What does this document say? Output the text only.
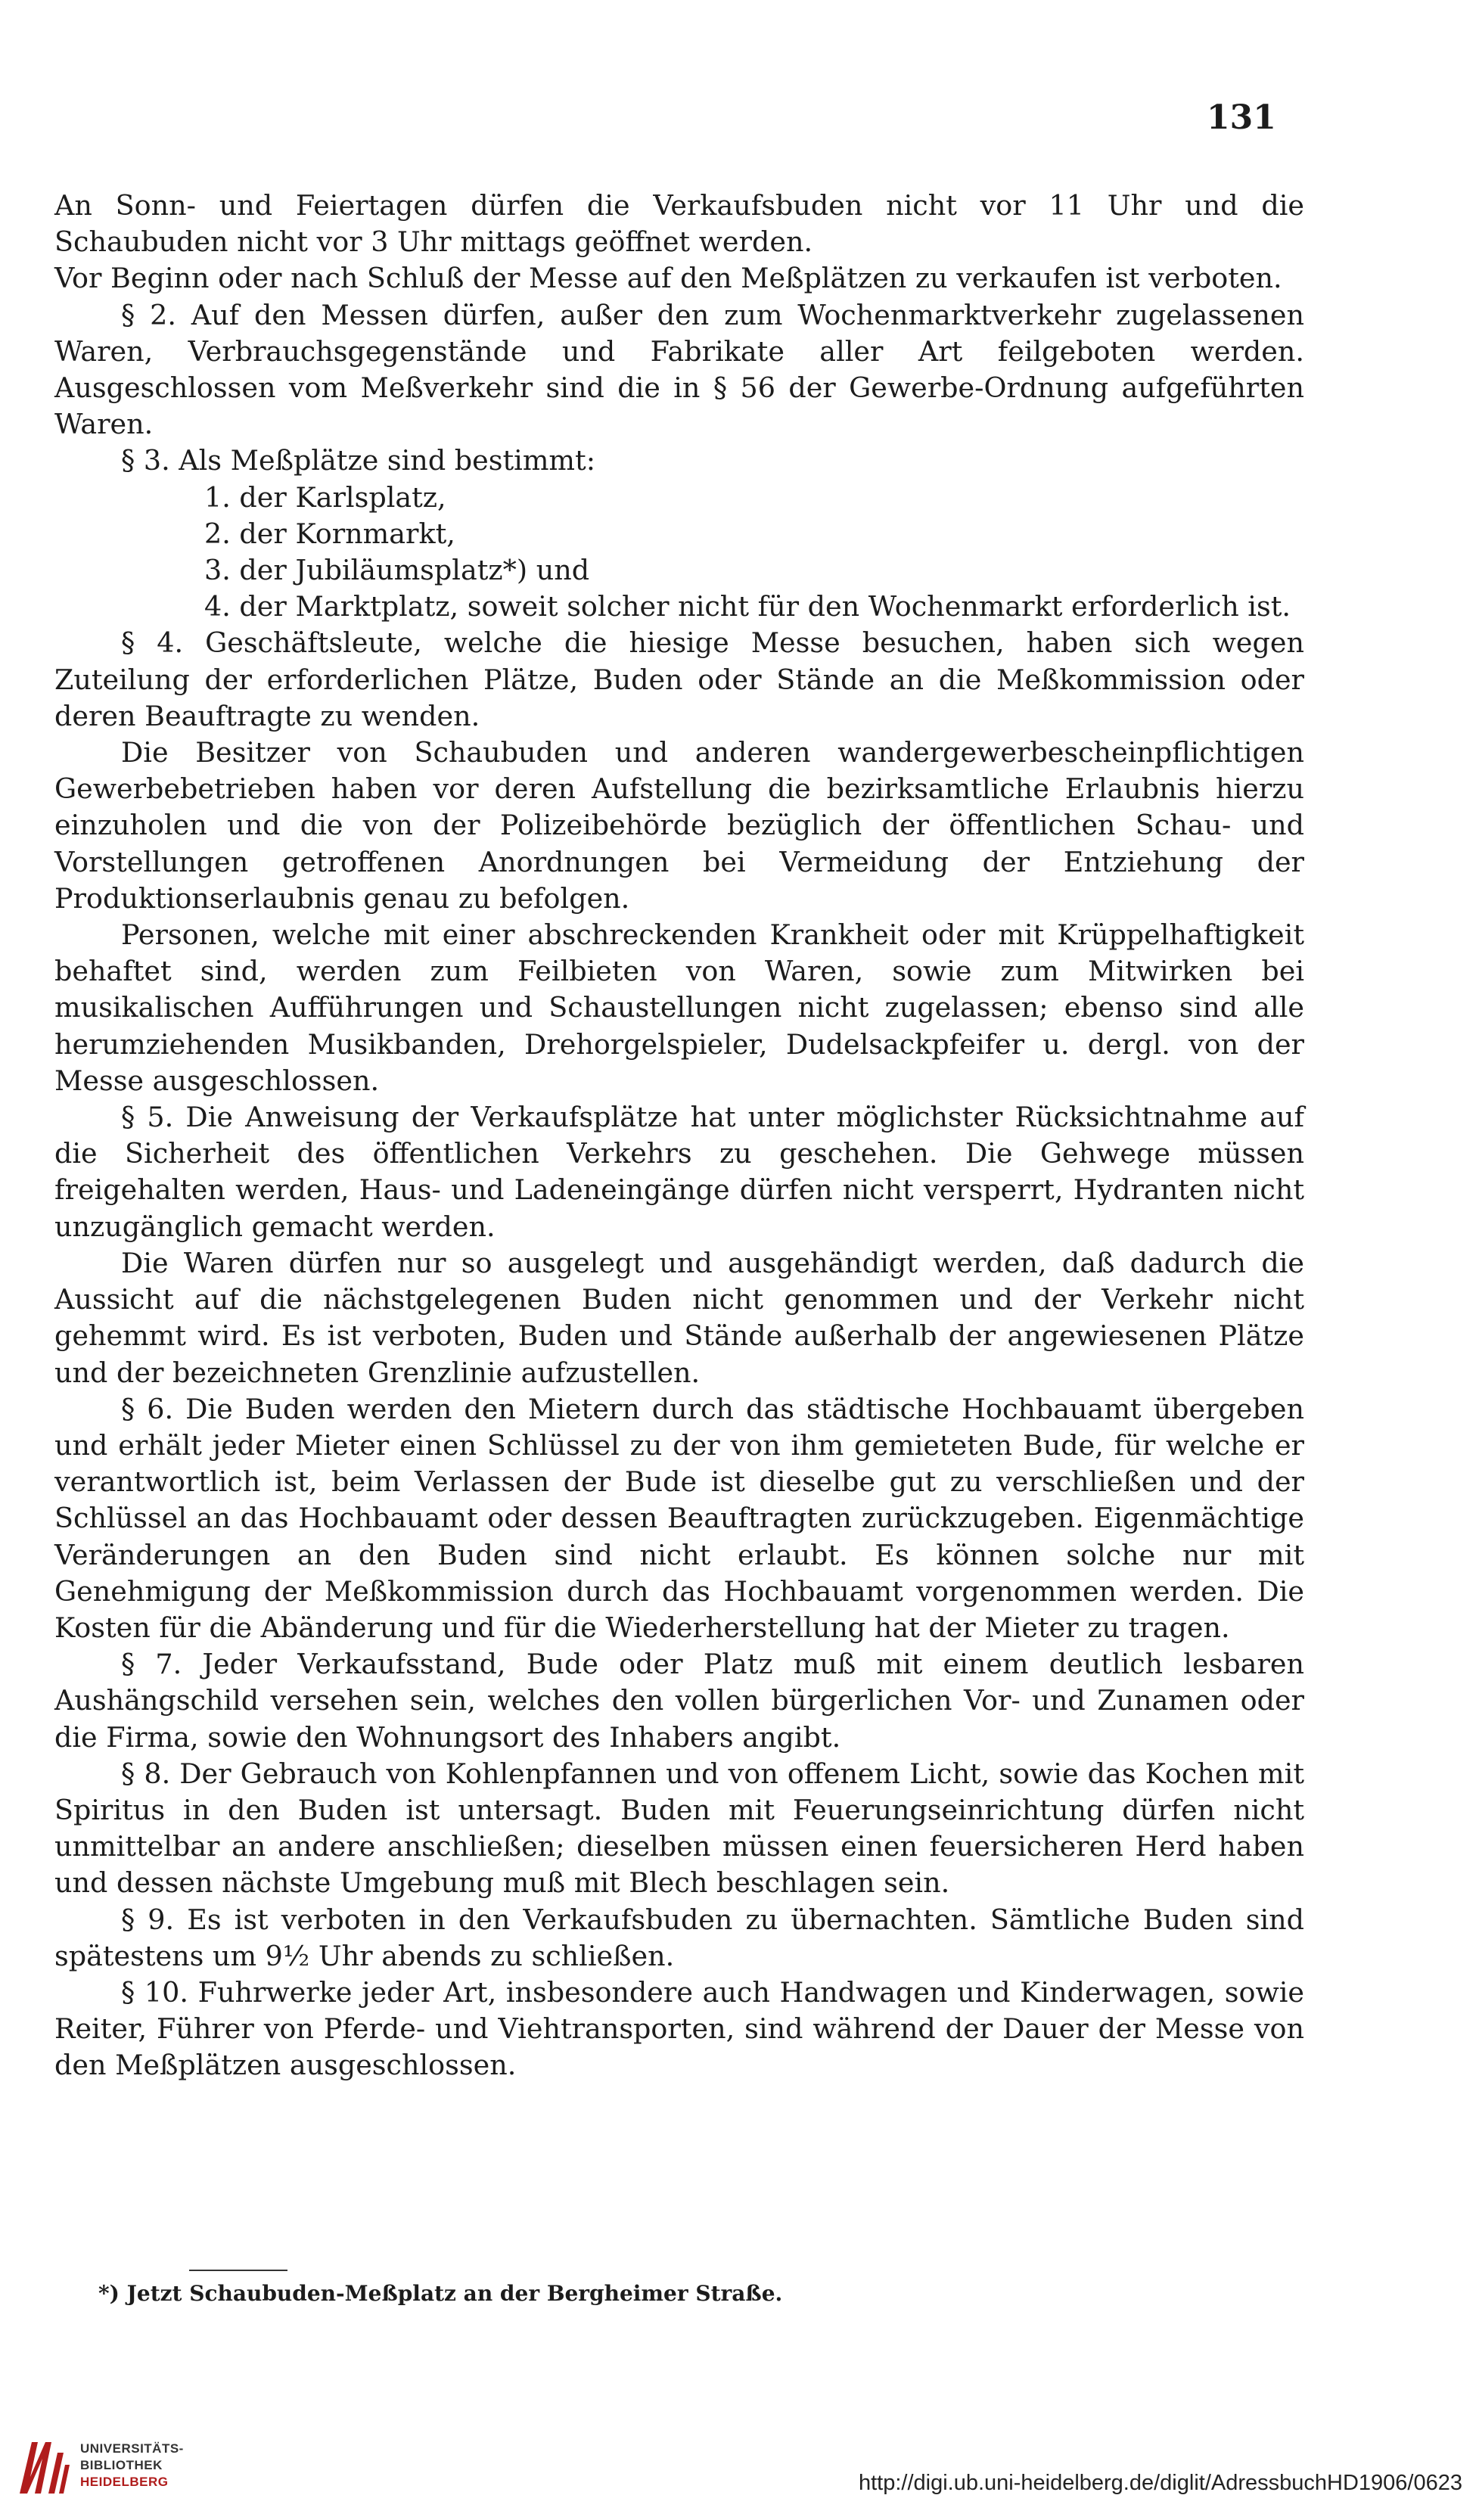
131

An Sonn- und Feiertagen dürfen die Verkaufsbuden nicht vor 11 Uhr und die Schaubuden nicht vor 3 Uhr mittags geöffnet werden.

Vor Beginn oder nach Schluß der Messe auf den Meßplätzen zu verkaufen ist verboten.

§ 2. Auf den Messen dürfen, außer den zum Wochenmarktverkehr zugelassenen Waren, Verbrauchsgegenstände und Fabrikate aller Art feilgeboten werden. Ausgeschlossen vom Meßverkehr sind die in § 56 der Gewerbe-Ordnung aufgeführten Waren.

§ 3. Als Meßplätze sind bestimmt:

1. der Karlsplatz,
2. der Kornmarkt,
3. der Jubiläumsplatz*) und
4. der Marktplatz, soweit solcher nicht für den Wochenmarkt erforderlich ist.

§ 4. Geschäftsleute, welche die hiesige Messe besuchen, haben sich wegen Zuteilung der erforderlichen Plätze, Buden oder Stände an die Meßkommission oder deren Beauftragte zu wenden.

Die Besitzer von Schaubuden und anderen wandergewerbescheinpflichtigen Gewerbebetrieben haben vor deren Aufstellung die bezirksamtliche Erlaubnis hierzu einzuholen und die von der Polizeibehörde bezüglich der öffentlichen Schau- und Vorstellungen getroffenen Anordnungen bei Vermeidung der Entziehung der Produktionserlaubnis genau zu befolgen.

Personen, welche mit einer abschreckenden Krankheit oder mit Krüppelhaftigkeit behaftet sind, werden zum Feilbieten von Waren, sowie zum Mitwirken bei musikalischen Aufführungen und Schaustellungen nicht zugelassen; ebenso sind alle herumziehenden Musikbanden, Drehorgelspieler, Dudelsackpfeifer u. dergl. von der Messe ausgeschlossen.

§ 5. Die Anweisung der Verkaufsplätze hat unter möglichster Rücksichtnahme auf die Sicherheit des öffentlichen Verkehrs zu geschehen. Die Gehwege müssen freigehalten werden, Haus- und Ladeneingänge dürfen nicht versperrt, Hydranten nicht unzugänglich gemacht werden.

Die Waren dürfen nur so ausgelegt und ausgehändigt werden, daß dadurch die Aussicht auf die nächstgelegenen Buden nicht genommen und der Verkehr nicht gehemmt wird. Es ist verboten, Buden und Stände außerhalb der angewiesenen Plätze und der bezeichneten Grenzlinie aufzustellen.

§ 6. Die Buden werden den Mietern durch das städtische Hochbauamt übergeben und erhält jeder Mieter einen Schlüssel zu der von ihm gemieteten Bude, für welche er verantwortlich ist, beim Verlassen der Bude ist dieselbe gut zu verschließen und der Schlüssel an das Hochbauamt oder dessen Beauftragten zurückzugeben. Eigenmächtige Veränderungen an den Buden sind nicht erlaubt. Es können solche nur mit Genehmigung der Meßkommission durch das Hochbauamt vorgenommen werden. Die Kosten für die Abänderung und für die Wiederherstellung hat der Mieter zu tragen.

§ 7. Jeder Verkaufsstand, Bude oder Platz muß mit einem deutlich lesbaren Aushängschild versehen sein, welches den vollen bürgerlichen Vor- und Zunamen oder die Firma, sowie den Wohnungsort des Inhabers angibt.

§ 8. Der Gebrauch von Kohlenpfannen und von offenem Licht, sowie das Kochen mit Spiritus in den Buden ist untersagt. Buden mit Feuerungseinrichtung dürfen nicht unmittelbar an andere anschließen; dieselben müssen einen feuersicheren Herd haben und dessen nächste Umgebung muß mit Blech beschlagen sein.

§ 9. Es ist verboten in den Verkaufsbuden zu übernachten. Sämtliche Buden sind spätestens um 9½ Uhr abends zu schließen.

§ 10. Fuhrwerke jeder Art, insbesondere auch Handwagen und Kinderwagen, sowie Reiter, Führer von Pferde- und Viehtransporten, sind während der Dauer der Messe von den Meßplätzen ausgeschlossen.

*) Jetzt Schaubuden-Meßplatz an der Bergheimer Straße.
UNIVERSITÄTS-
BIBLIOTHEK
HEIDELBERG	http://digi.ub.uni-heidelberg.de/diglit/AdressbuchHD1906/0623
